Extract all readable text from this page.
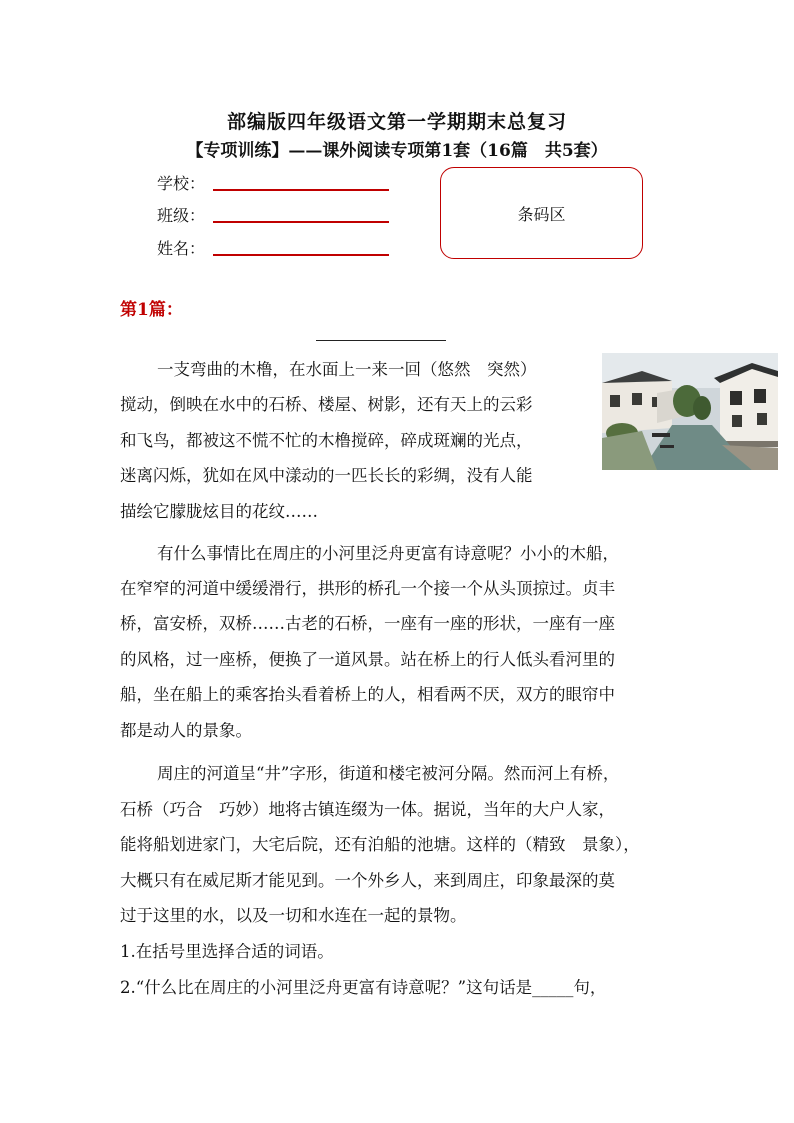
部编版四年级语文第一学期期末总复习
【专项训练】——课外阅读专项第1套（16篇　共5套）
学校：
班级：
姓名：
条码区
第1篇：
一支弯曲的木橹，在水面上一来一回（悠然　突然）
搅动，倒映在水中的石桥、楼屋、树影，还有天上的云彩
和飞鸟，都被这不慌不忙的木橹搅碎，碎成斑斓的光点，
迷离闪烁，犹如在风中漾动的一匹长长的彩绸，没有人能
描绘它朦胧炫目的花纹……
有什么事情比在周庄的小河里泛舟更富有诗意呢？小小的木船，
在窄窄的河道中缓缓滑行，拱形的桥孔一个接一个从头顶掠过。贞丰
桥，富安桥，双桥……古老的石桥，一座有一座的形状，一座有一座
的风格，过一座桥，便换了一道风景。站在桥上的行人低头看河里的
船，坐在船上的乘客抬头看着桥上的人，相看两不厌，双方的眼帘中
都是动人的景象。
周庄的河道呈“井”字形，街道和楼宅被河分隔。然而河上有桥，
石桥（巧合　巧妙）地将古镇连缀为一体。据说，当年的大户人家，
能将船划进家门，大宅后院，还有泊船的池塘。这样的（精致　景象），
大概只有在威尼斯才能见到。一个外乡人，来到周庄，印象最深的莫
过于这里的水，以及一切和水连在一起的景物。
1.在括号里选择合适的词语。
2.“什么比在周庄的小河里泛舟更富有诗意呢？”这句话是_____句，
